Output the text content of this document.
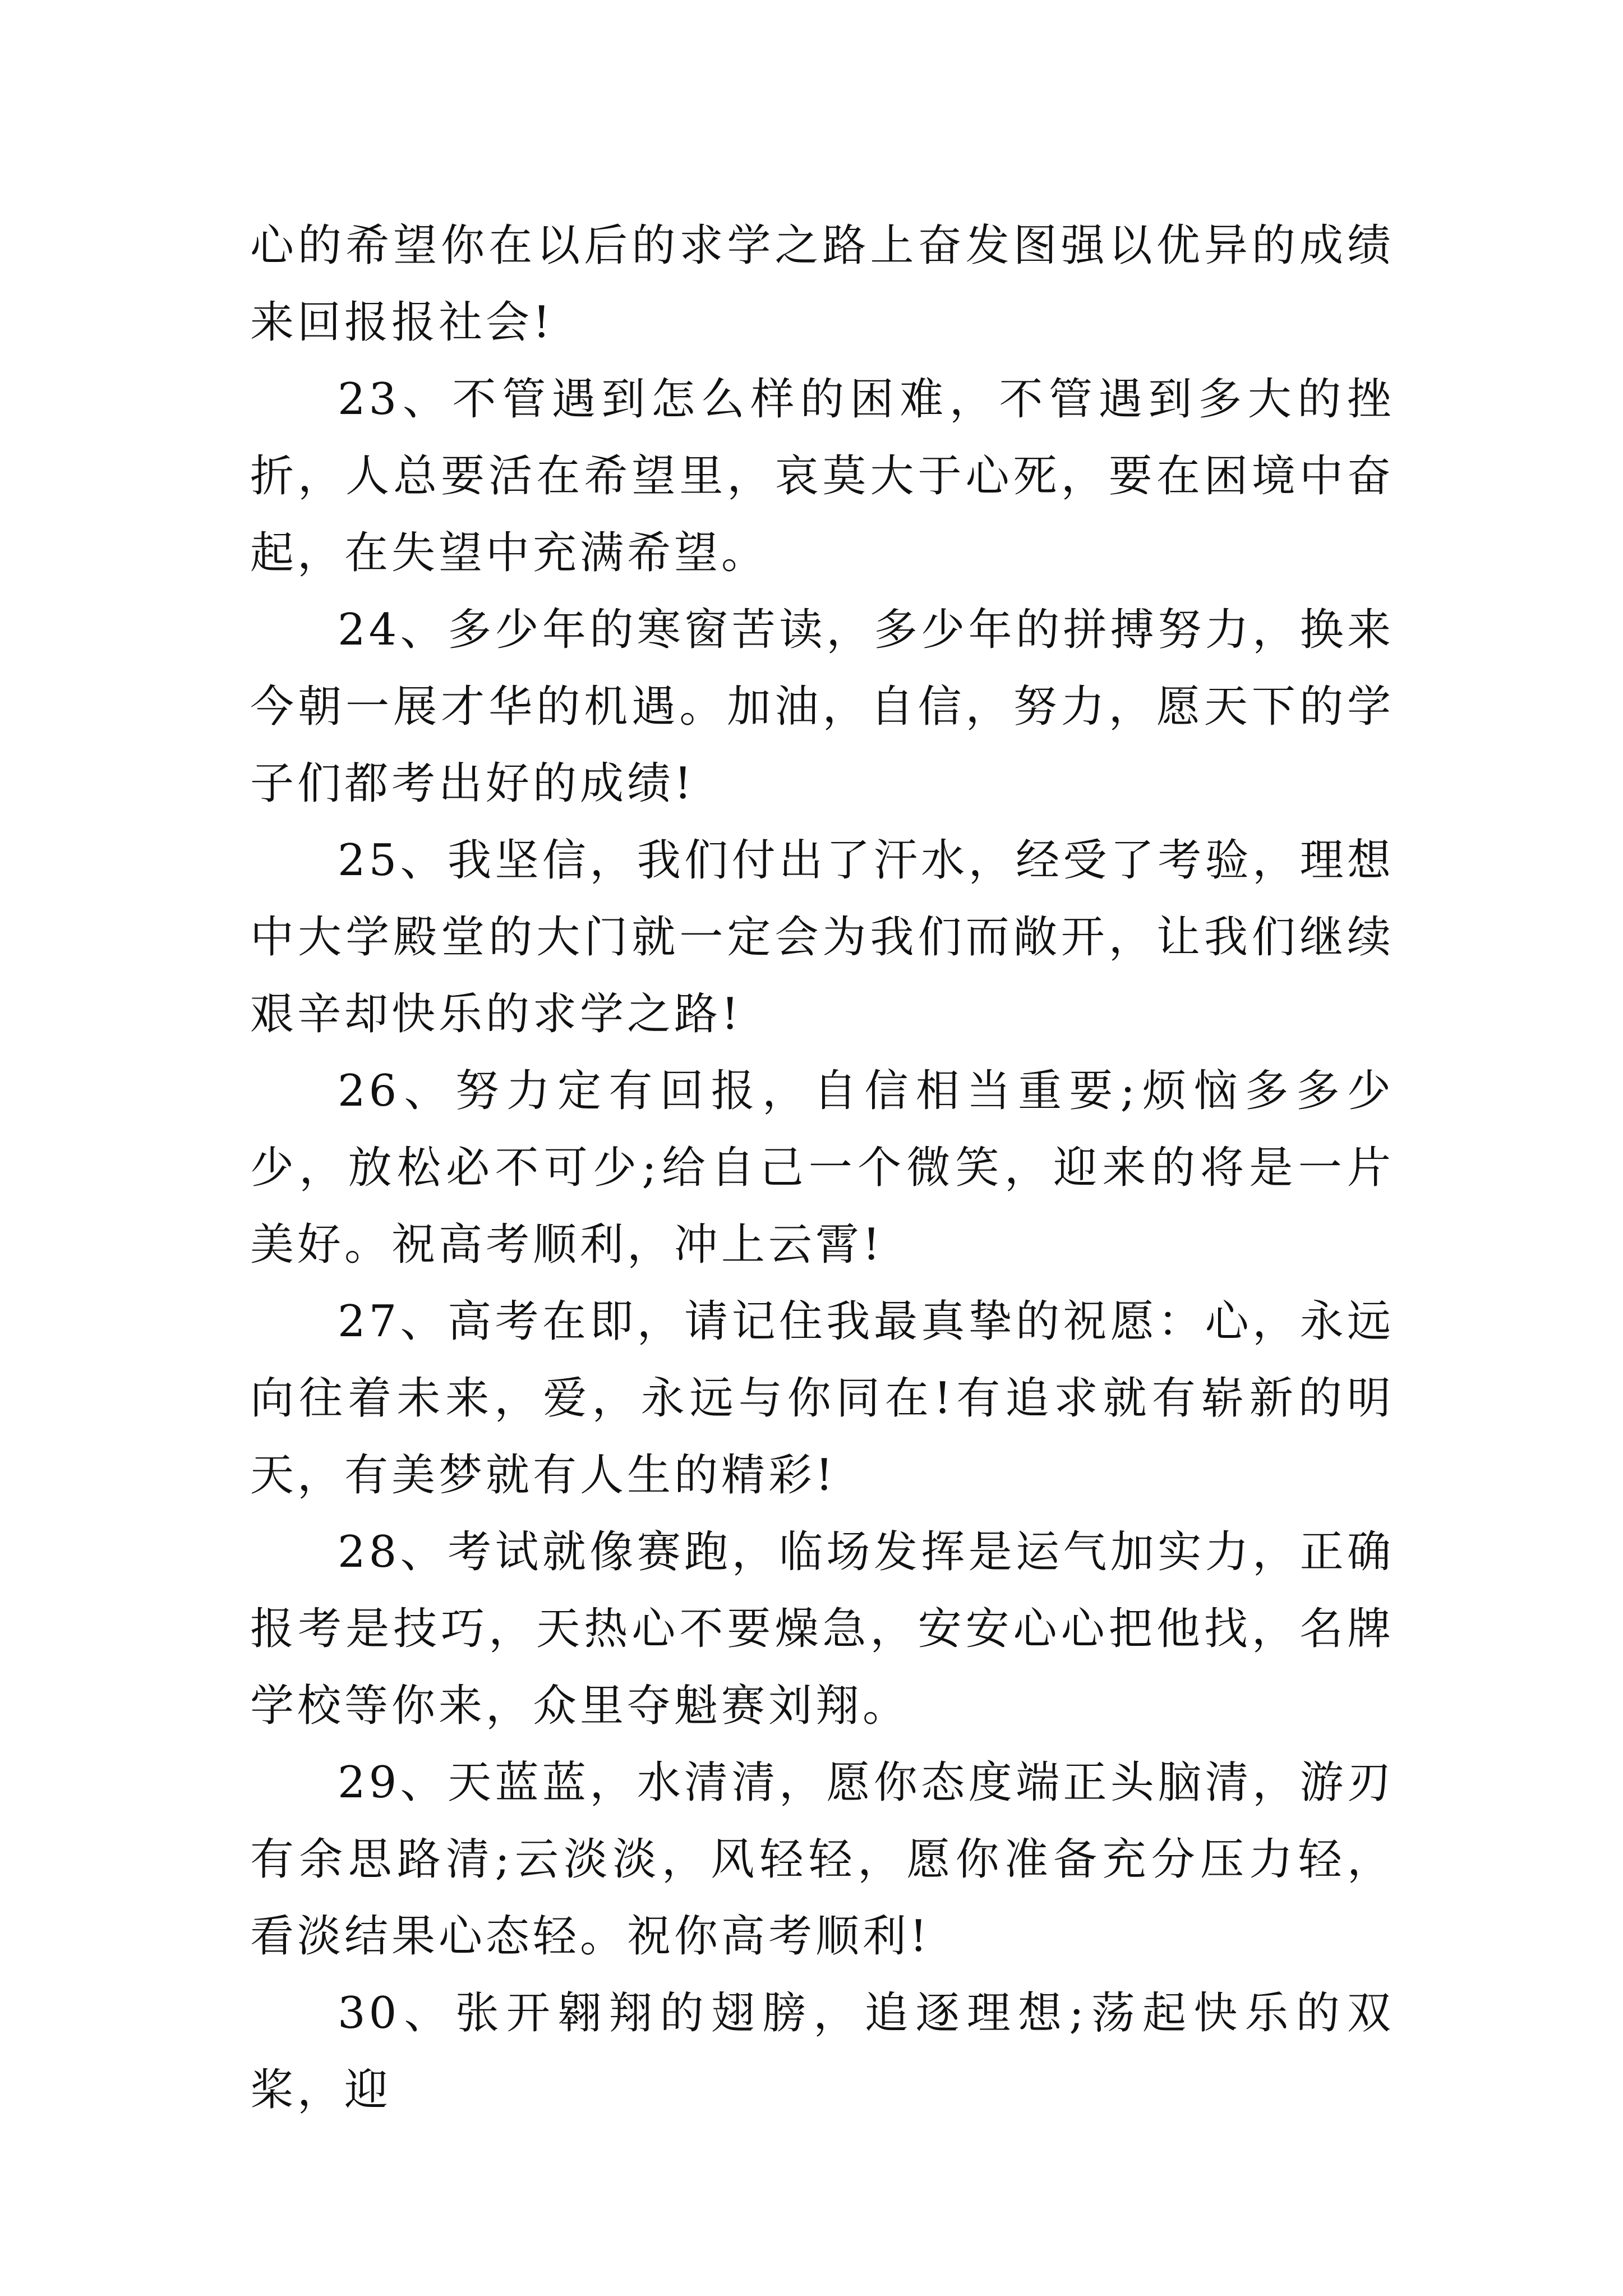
心的希望你在以后的求学之路上奋发图强以优异的成绩来回报报社会!

23、不管遇到怎么样的困难，不管遇到多大的挫折，人总要活在希望里，哀莫大于心死，要在困境中奋起，在失望中充满希望。

24、多少年的寒窗苦读，多少年的拼搏努力，换来今朝一展才华的机遇。加油，自信，努力，愿天下的学子们都考出好的成绩!

25、我坚信，我们付出了汗水，经受了考验，理想中大学殿堂的大门就一定会为我们而敞开，让我们继续艰辛却快乐的求学之路!

26、努力定有回报，自信相当重要;烦恼多多少少，放松必不可少;给自己一个微笑，迎来的将是一片美好。祝高考顺利，冲上云霄!

27、高考在即，请记住我最真挚的祝愿：心，永远向往着未来，爱，永远与你同在!有追求就有崭新的明天，有美梦就有人生的精彩!

28、考试就像赛跑，临场发挥是运气加实力，正确报考是技巧，天热心不要燥急，安安心心把他找，名牌学校等你来，众里夺魁赛刘翔。

29、天蓝蓝，水清清，愿你态度端正头脑清，游刃有余思路清;云淡淡，风轻轻，愿你准备充分压力轻，看淡结果心态轻。祝你高考顺利!

30、张开翱翔的翅膀，追逐理想;荡起快乐的双桨，迎
